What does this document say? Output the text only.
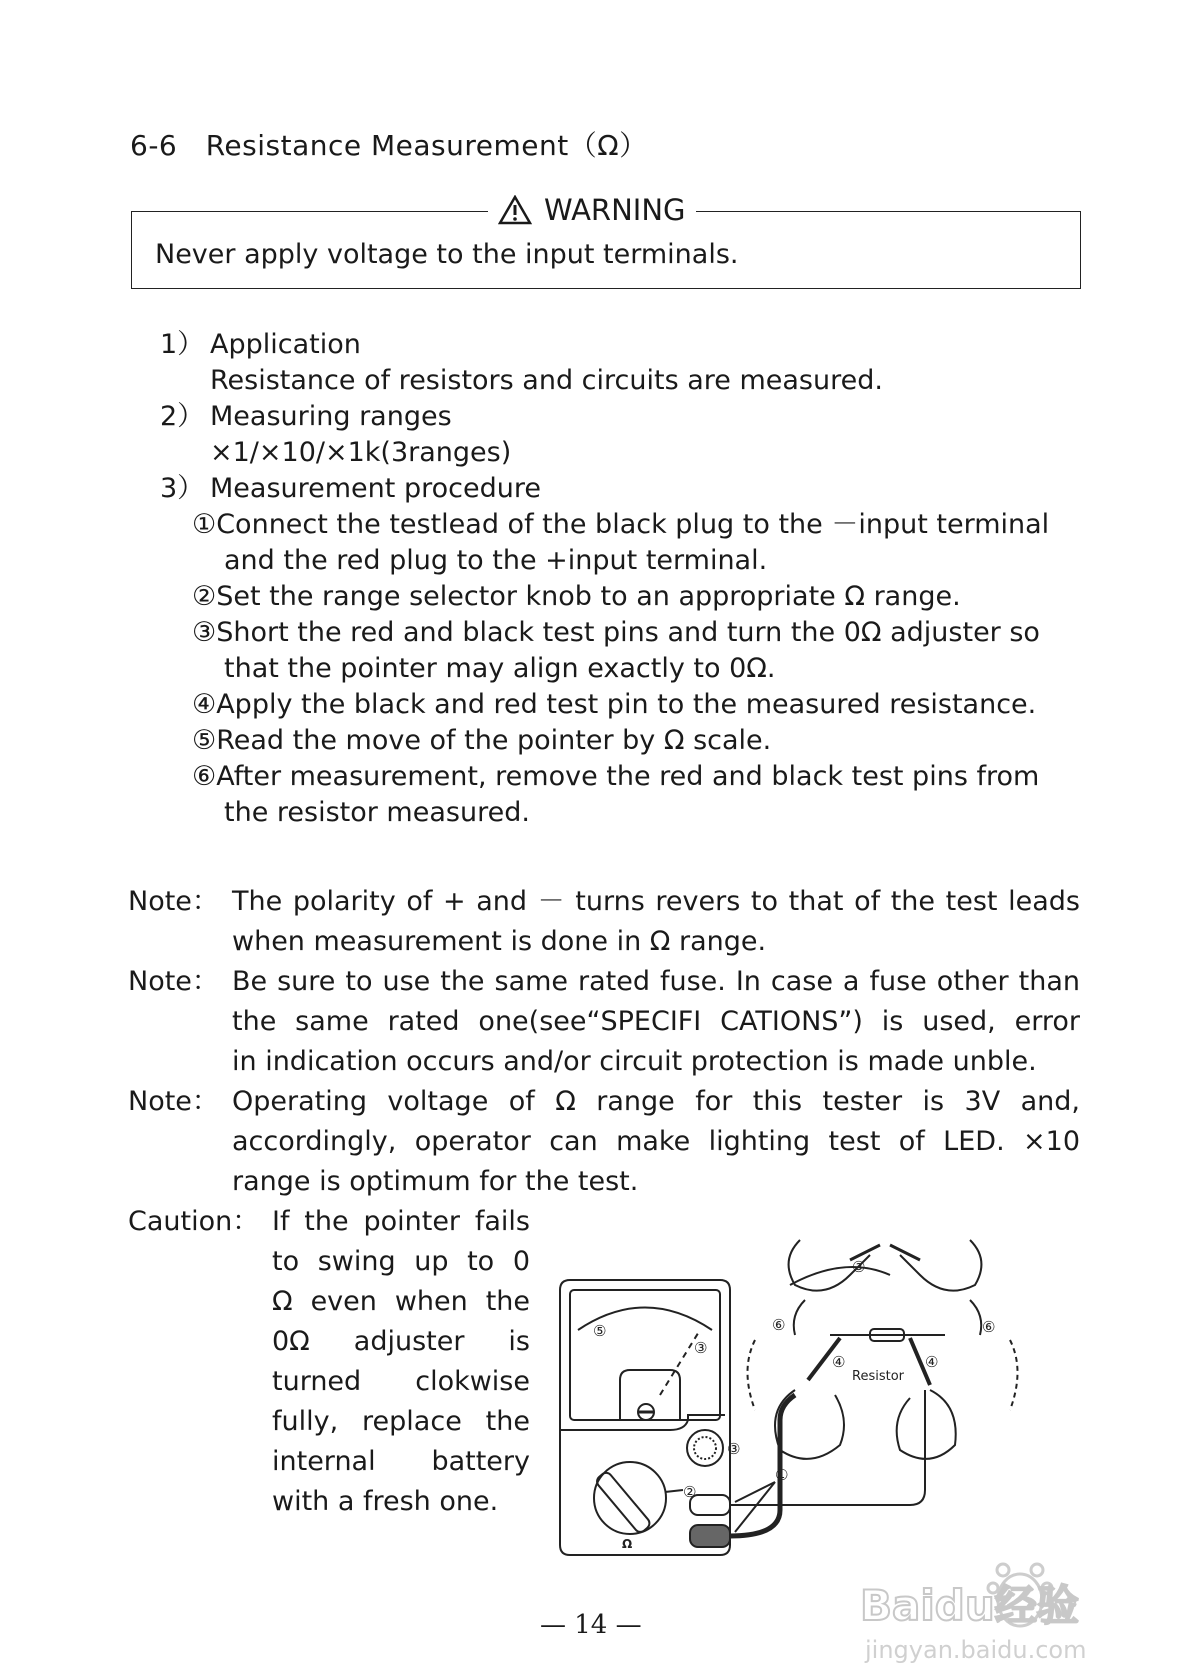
6-6　Resistance Measurement（Ω）
WARNING
Never apply voltage to the input terminals.
1） Application
Resistance of resistors and circuits are measured.
2） Measuring ranges
×1/×10/×1k(3ranges)
3） Measurement procedure
①Connect the testlead of the black plug to the －input terminal
and the red plug to the +input terminal.
②Set the range selector knob to an appropriate Ω range.
③Short the red and black test pins and turn the 0Ω adjuster so
that the pointer may align exactly to 0Ω.
④Apply the black and red test pin to the measured resistance.
⑤Read the move of the pointer by Ω scale.
⑥After measurement, remove the red and black test pins from
the resistor measured.
Note： The polarity of + and － turns revers to that of the test leads
when measurement is done in Ω range.
Note： Be sure to use the same rated fuse. In case a fuse other than
the same rated one(see“SPECIFI CATIONS”) is used, error
in indication occurs and/or circuit protection is made unble.
Note： Operating voltage of Ω range for this tester is 3V and,
accordingly, operator can make lighting test of LED. ×10
range is optimum for the test.
Caution： If the pointer fails
to swing up to 0
Ω even when the
0Ω adjuster is
turned clokwise
fully, replace the
internal battery
with a fresh one.
⑤
③
③
②
①
③
⑥	⑥
④	④
Resistor
Ω
— 14 —	Baidu经验
jingyan.baidu.com
